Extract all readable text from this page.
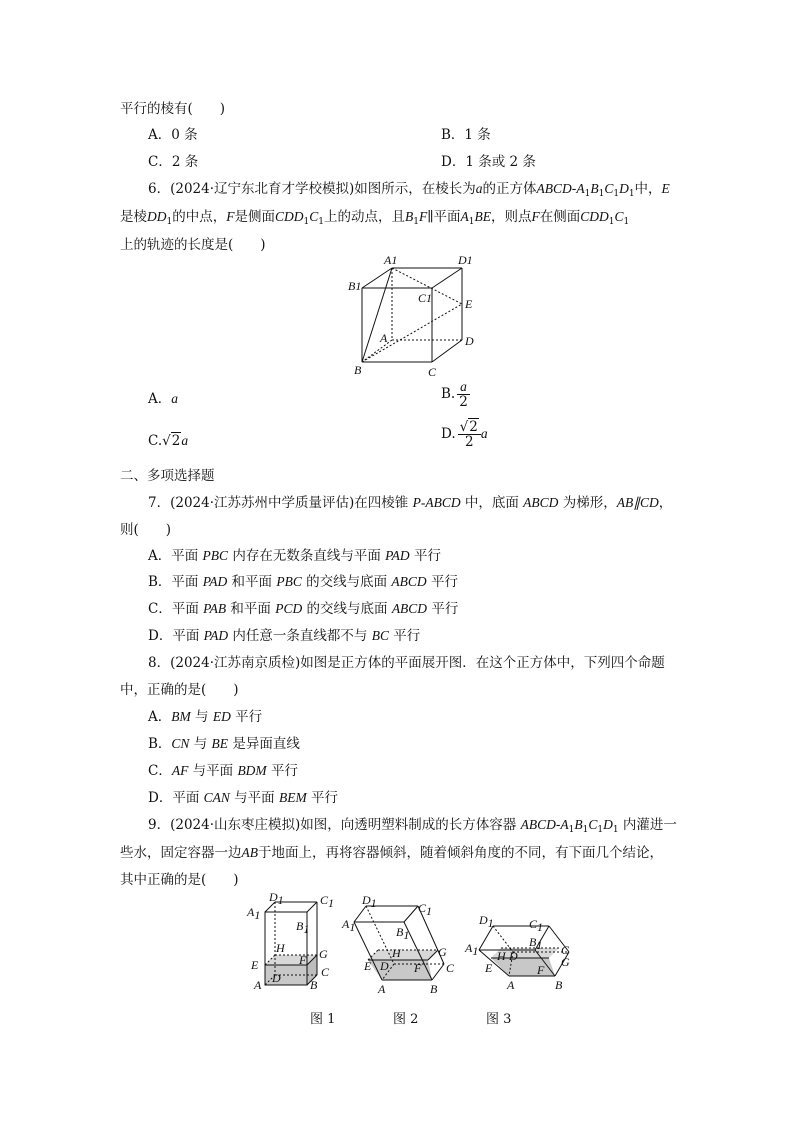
平行的棱有(　　)
A．0 条	B．1 条
C．2 条	D．1 条或 2 条
6．(2024·辽宁东北育才学校模拟)如图所示，在棱长为a的正方体ABCD-$A_1B_1C_1D_1$中，E
是棱$DD_1$的中点，F是侧面$CDD_1C_1$上的动点，且$B_1F\parallel$平面$A_1BE$，则点F在侧面$CDD_1C_1$
上的轨迹的长度是(　　)
A1	D1
B1
C1	E
D
A
B	C
A．a	B. $\frac{a}{2}$
C.√2a	D. $\frac{√2}{2}$ a
二、多项选择题
7．(2024·江苏苏州中学质量评估)在四棱锥 P-ABCD 中，底面 ABCD 为梯形，AB∥CD，
则(　　)
A．平面 PBC 内存在无数条直线与平面 PAD 平行
B．平面 PAD 和平面 PBC 的交线与底面 ABCD 平行
C．平面 PAB 和平面 PCD 的交线与底面 ABCD 平行
D．平面 PAD 内任意一条直线都不与 BC 平行
8．(2024·江苏南京质检)如图是正方体的平面展开图．在这个正方体中，下列四个命题
中，正确的是(　　)
A．BM 与 ED 平行
B．CN 与 BE 是异面直线
C．AF 与平面 BDM 平行
D．平面 CAN 与平面 BEM 平行
9．(2024·山东枣庄模拟)如图，向透明塑料制成的长方体容器 ABCD-$A_1B_1C_1D_1$ 内灌进一
些水，固定容器一边AB于地面上，再将容器倾斜，随着倾斜角度的不同，有下面几个结论，
其中正确的是(　　)
D1	C1
A1
B1
H	G
E	F
C
D
A	B
图 1
D1	C1
A1	B1
H	G
E D F C
A	B
图 2
D1	C1
A1
B1 C
H D	G
E	F
A	B
图 3
